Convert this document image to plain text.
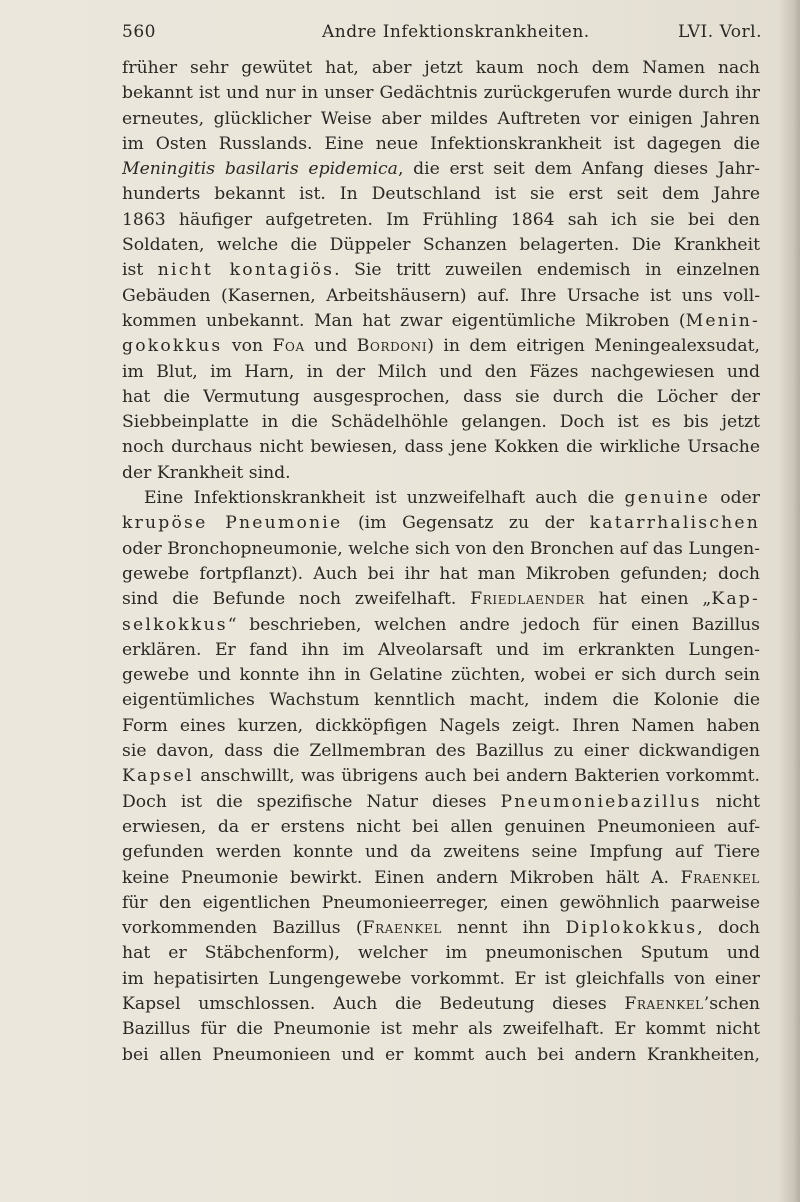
560	Andre Infektionskrankheiten.	LVI. Vorl.
früher sehr gewütet hat, aber jetzt kaum noch dem Namen nach
bekannt ist und nur in unser Gedächtnis zurückgerufen wurde durch ihr
erneutes, glücklicher Weise aber mildes Auftreten vor einigen Jahren
im Osten Russlands. Eine neue Infektionskrankheit ist dagegen die
Meningitis basilaris epidemica, die erst seit dem Anfang dieses Jahr-
hunderts bekannt ist. In Deutschland ist sie erst seit dem Jahre
1863 häufiger aufgetreten. Im Frühling 1864 sah ich sie bei den
Soldaten, welche die Düppeler Schanzen belagerten. Die Krankheit
ist nicht kontagiös. Sie tritt zuweilen endemisch in einzelnen
Gebäuden (Kasernen, Arbeitshäusern) auf. Ihre Ursache ist uns voll-
kommen unbekannt. Man hat zwar eigentümliche Mikroben (Menin-
gokokkus von Foa und Bordoni) in dem eitrigen Meningealexsudat,
im Blut, im Harn, in der Milch und den Fäzes nachgewiesen und
hat die Vermutung ausgesprochen, dass sie durch die Löcher der
Siebbeinplatte in die Schädelhöhle gelangen. Doch ist es bis jetzt
noch durchaus nicht bewiesen, dass jene Kokken die wirkliche Ursache
der Krankheit sind.
Eine Infektionskrankheit ist unzweifelhaft auch die genuine oder
krupöse Pneumonie (im Gegensatz zu der katarrhalischen
oder Bronchopneumonie, welche sich von den Bronchen auf das Lungen-
gewebe fortpflanzt). Auch bei ihr hat man Mikroben gefunden; doch
sind die Befunde noch zweifelhaft. Friedlaender hat einen „Kap-
selkokkus“ beschrieben, welchen andre jedoch für einen Bazillus
erklären. Er fand ihn im Alveolarsaft und im erkrankten Lungen-
gewebe und konnte ihn in Gelatine züchten, wobei er sich durch sein
eigentümliches Wachstum kenntlich macht, indem die Kolonie die
Form eines kurzen, dickköpfigen Nagels zeigt. Ihren Namen haben
sie davon, dass die Zellmembran des Bazillus zu einer dickwandigen
Kapsel anschwillt, was übrigens auch bei andern Bakterien vorkommt.
Doch ist die spezifische Natur dieses Pneumoniebazillus nicht
erwiesen, da er erstens nicht bei allen genuinen Pneumonieen auf-
gefunden werden konnte und da zweitens seine Impfung auf Tiere
keine Pneumonie bewirkt. Einen andern Mikroben hält A. Fraenkel
für den eigentlichen Pneumonieerreger, einen gewöhnlich paarweise
vorkommenden Bazillus (Fraenkel nennt ihn Diplokokkus, doch
hat er Stäbchenform), welcher im pneumonischen Sputum und
im hepatisirten Lungengewebe vorkommt. Er ist gleichfalls von einer
Kapsel umschlossen. Auch die Bedeutung dieses Fraenkel’schen
Bazillus für die Pneumonie ist mehr als zweifelhaft. Er kommt nicht
bei allen Pneumonieen und er kommt auch bei andern Krankheiten,
